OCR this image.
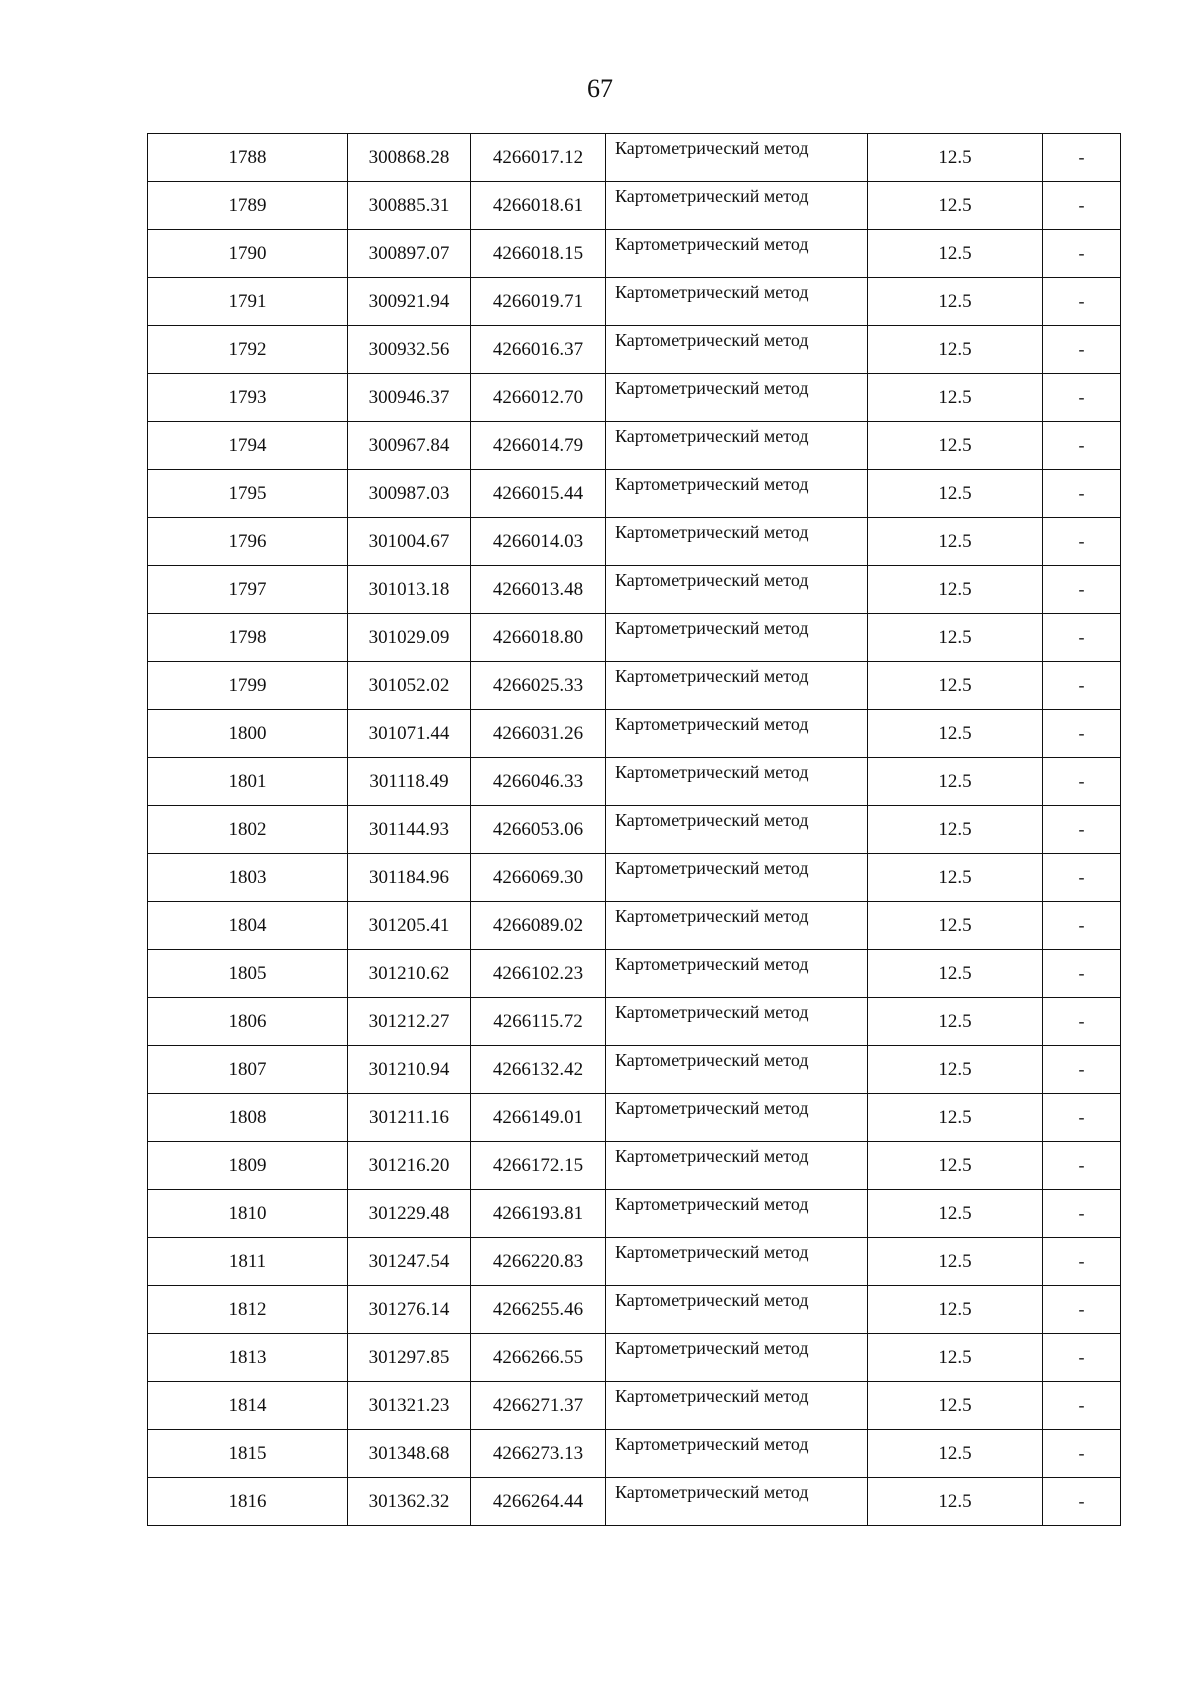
67
1788	300868.28	4266017.12	Картометрический метод	12.5	-
1789	300885.31	4266018.61	Картометрический метод	12.5	-
1790	300897.07	4266018.15	Картометрический метод	12.5	-
1791	300921.94	4266019.71	Картометрический метод	12.5	-
1792	300932.56	4266016.37	Картометрический метод	12.5	-
1793	300946.37	4266012.70	Картометрический метод	12.5	-
1794	300967.84	4266014.79	Картометрический метод	12.5	-
1795	300987.03	4266015.44	Картометрический метод	12.5	-
1796	301004.67	4266014.03	Картометрический метод	12.5	-
1797	301013.18	4266013.48	Картометрический метод	12.5	-
1798	301029.09	4266018.80	Картометрический метод	12.5	-
1799	301052.02	4266025.33	Картометрический метод	12.5	-
1800	301071.44	4266031.26	Картометрический метод	12.5	-
1801	301118.49	4266046.33	Картометрический метод	12.5	-
1802	301144.93	4266053.06	Картометрический метод	12.5	-
1803	301184.96	4266069.30	Картометрический метод	12.5	-
1804	301205.41	4266089.02	Картометрический метод	12.5	-
1805	301210.62	4266102.23	Картометрический метод	12.5	-
1806	301212.27	4266115.72	Картометрический метод	12.5	-
1807	301210.94	4266132.42	Картометрический метод	12.5	-
1808	301211.16	4266149.01	Картометрический метод	12.5	-
1809	301216.20	4266172.15	Картометрический метод	12.5	-
1810	301229.48	4266193.81	Картометрический метод	12.5	-
1811	301247.54	4266220.83	Картометрический метод	12.5	-
1812	301276.14	4266255.46	Картометрический метод	12.5	-
1813	301297.85	4266266.55	Картометрический метод	12.5	-
1814	301321.23	4266271.37	Картометрический метод	12.5	-
1815	301348.68	4266273.13	Картометрический метод	12.5	-
1816	301362.32	4266264.44	Картометрический метод	12.5	-
